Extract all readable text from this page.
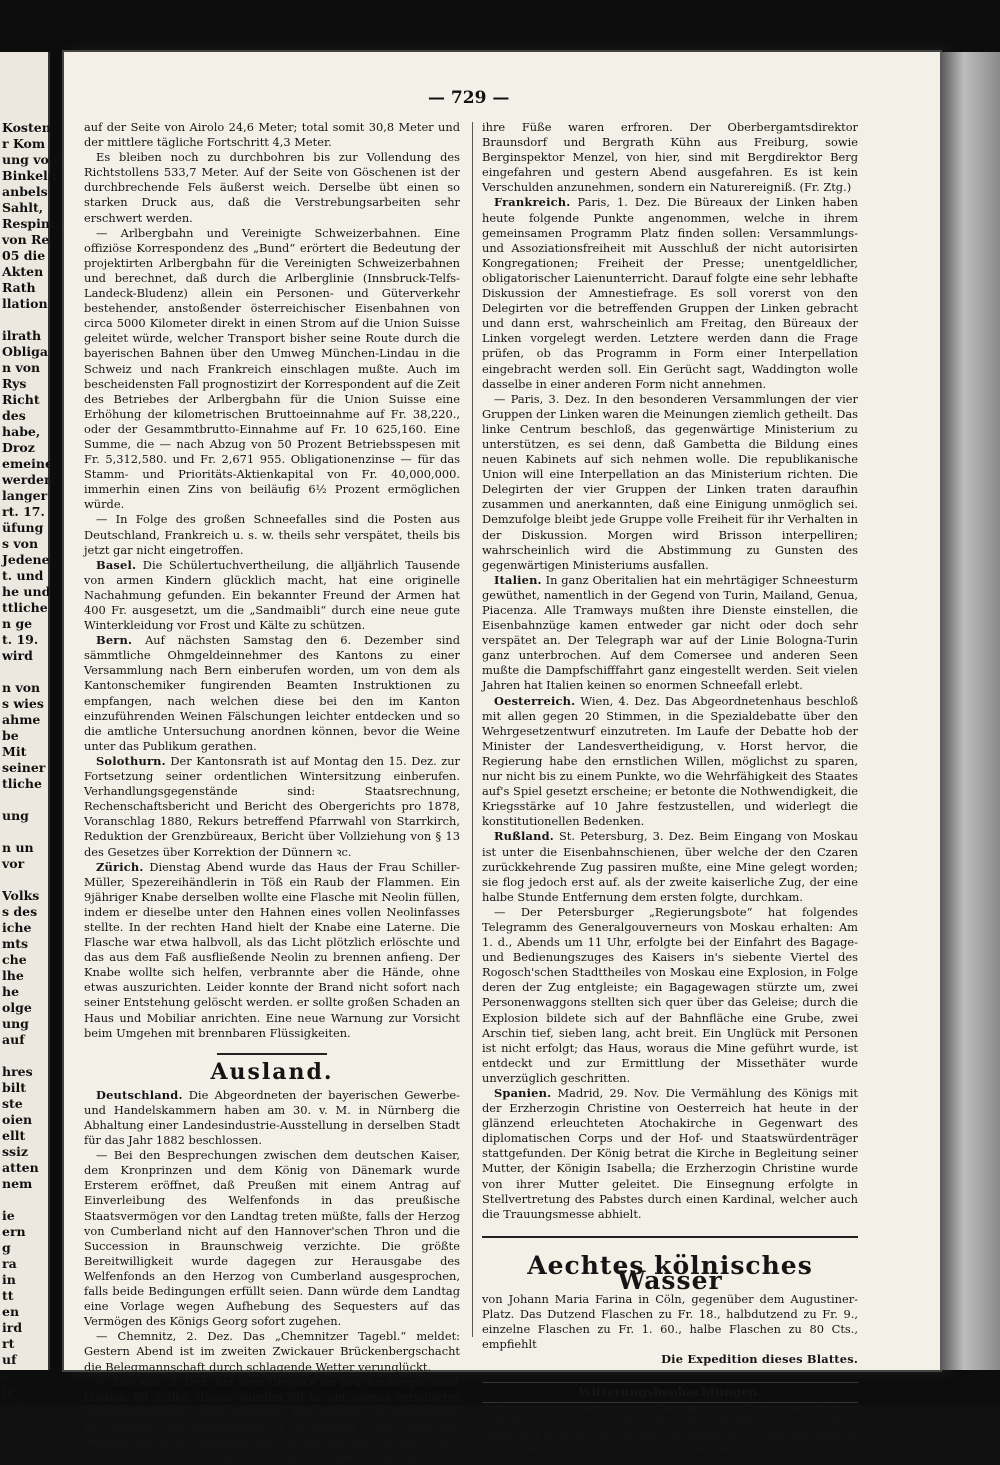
Kosten
r Kom
ung von
Binkeln
anbels
Sahlt,
Respini.
von Re
05 die
Akten
Rath
llation

ilrath
Obliga
n von
Rys
Richt
des
habe,
Droz
emeine
werden
langer
rt. 17.
üfung
s von
Jedene
t. und
he und
ttliche
n ge
t. 19.
wird

n von
s wies
ahme
be
Mit
seiner
tliche

ung

n un
vor

Volks
s des
iche
mts
che
lhe
he
olge
ung
auf

hres
bilt
ste
oien
ellt
ssiz
atten
nem

ie
ern
g
ra
in
tt
en
ird
rt
uf
e
ir
eilt
— 729 —

auf der Seite von Airolo 24,6 Meter; total somit 30,8 Meter und der mittlere tägliche Fortschritt 4,3 Meter.

Es bleiben noch zu durchbohren bis zur Vollendung des Richtstollens 533,7 Meter. Auf der Seite von Göschenen ist der durchbrechende Fels äußerst weich. Derselbe übt einen so starken Druck aus, daß die Verstrebungsarbeiten sehr erschwert werden.

— Arlbergbahn und Vereinigte Schweizerbahnen. Eine offiziöse Korrespondenz des „Bund“ erörtert die Bedeutung der projektirten Arlbergbahn für die Vereinigten Schweizerbahnen und berechnet, daß durch die Arlberglinie (Innsbruck-Telfs-Landeck-Bludenz) allein ein Personen- und Güterverkehr bestehender, anstoßender österreichischer Eisenbahnen von circa 5000 Kilometer direkt in einen Strom auf die Union Suisse geleitet würde, welcher Transport bisher seine Route durch die bayerischen Bahnen über den Umweg München-Lindau in die Schweiz und nach Frankreich einschlagen mußte. Auch im bescheidensten Fall prognostizirt der Korrespondent auf die Zeit des Betriebes der Arlbergbahn für die Union Suisse eine Erhöhung der kilometrischen Bruttoeinnahme auf Fr. 38,220., oder der Gesammtbrutto-Einnahme auf Fr. 10 625,160. Eine Summe, die — nach Abzug von 50 Prozent Betriebsspesen mit Fr. 5,312,580. und Fr. 2,671 955. Obligationenzinse — für das Stamm- und Prioritäts-Aktienkapital von Fr. 40,000,000. immerhin einen Zins von beiläufig 6½ Prozent ermöglichen würde.

— In Folge des großen Schneefalles sind die Posten aus Deutschland, Frankreich u. s. w. theils sehr verspätet, theils bis jetzt gar nicht eingetroffen.

Basel. Die Schülertuchvertheilung, die alljährlich Tausende von armen Kindern glücklich macht, hat eine originelle Nachahmung gefunden. Ein bekannter Freund der Armen hat 400 Fr. ausgesetzt, um die „Sandmaibli“ durch eine neue gute Winterkleidung vor Frost und Kälte zu schützen.

Bern. Auf nächsten Samstag den 6. Dezember sind sämmtliche Ohmgeldeinnehmer des Kantons zu einer Versammlung nach Bern einberufen worden, um von dem als Kantonschemiker fungirenden Beamten Instruktionen zu empfangen, nach welchen diese bei den im Kanton einzuführenden Weinen Fälschungen leichter entdecken und so die amtliche Untersuchung anordnen können, bevor die Weine unter das Publikum gerathen.

Solothurn. Der Kantonsrath ist auf Montag den 15. Dez. zur Fortsetzung seiner ordentlichen Wintersitzung einberufen. Verhandlungsgegenstände sind: Staatsrechnung, Rechenschaftsbericht und Bericht des Obergerichts pro 1878, Voranschlag 1880, Rekurs betreffend Pfarrwahl von Starrkirch, Reduktion der Grenzbüreaux, Bericht über Vollziehung von § 13 des Gesetzes über Korrektion der Dünnern ꝛc.

Zürich. Dienstag Abend wurde das Haus der Frau Schiller-Müller, Spezereihändlerin in Töß ein Raub der Flammen. Ein 9jähriger Knabe derselben wollte eine Flasche mit Neolin füllen, indem er dieselbe unter den Hahnen eines vollen Neolinfasses stellte. In der rechten Hand hielt der Knabe eine Laterne. Die Flasche war etwa halbvoll, als das Licht plötzlich erlöschte und das aus dem Faß ausfließende Neolin zu brennen anfieng. Der Knabe wollte sich helfen, verbrannte aber die Hände, ohne etwas auszurichten. Leider konnte der Brand nicht sofort nach seiner Entstehung gelöscht werden. er sollte großen Schaden an Haus und Mobiliar anrichten. Eine neue Warnung zur Vorsicht beim Umgehen mit brennbaren Flüssigkeiten.

Ausland.

Deutschland. Die Abgeordneten der bayerischen Gewerbe- und Handelskammern haben am 30. v. M. in Nürnberg die Abhaltung einer Landesindustrie-Ausstellung in derselben Stadt für das Jahr 1882 beschlossen.

— Bei den Besprechungen zwischen dem deutschen Kaiser, dem Kronprinzen und dem König von Dänemark wurde Ersterem eröffnet, daß Preußen mit einem Antrag auf Einverleibung des Welfenfonds in das preußische Staatsvermögen vor den Landtag treten müßte, falls der Herzog von Cumberland nicht auf den Hannover'schen Thron und die Succession in Braunschweig verzichte. Die größte Bereitwilligkeit wurde dagegen zur Herausgabe des Welfenfonds an den Herzog von Cumberland ausgesprochen, falls beide Bedingungen erfüllt seien. Dann würde dem Landtag eine Vorlage wegen Aufhebung des Sequesters auf das Vermögen des Königs Georg sofort zugehen.

— Chemnitz, 2. Dez. Das „Chemnitzer Tagebl.“ meldet: Gestern Abend ist im zweiten Zwickauer Brückenbergschacht die Belegmannschaft durch schlagende Wetter verunglückt.

— Zwickau, 3. Dez. Bei dem Unglück im Brückenbergschacht blieben 90 Todte, davon wurden 86 in ein eigens errichtetes Schuppengebäude aufgenommen. Der Anblick ist grauenhaft. Die Ursache der Entzündung ist unermittelt. Viele Fliehende wurden durch das nachziehende Wetter getödtet, mehrere sich Niederwerfende dadurch, daß das Wetter über sie hinzog;

ihre Füße waren erfroren. Der Oberbergamtsdirektor Braunsdorf und Bergrath Kühn aus Freiburg, sowie Berginspektor Menzel, von hier, sind mit Bergdirektor Berg eingefahren und gestern Abend ausgefahren. Es ist kein Verschulden anzunehmen, sondern ein Naturereigniß. (Fr. Ztg.)

Frankreich. Paris, 1. Dez. Die Büreaux der Linken haben heute folgende Punkte angenommen, welche in ihrem gemeinsamen Programm Platz finden sollen: Versammlungs- und Assoziationsfreiheit mit Ausschluß der nicht autorisirten Kongregationen; Freiheit der Presse; unentgeldlicher, obligatorischer Laienunterricht. Darauf folgte eine sehr lebhafte Diskussion der Amnestiefrage. Es soll vorerst von den Delegirten vor die betreffenden Gruppen der Linken gebracht und dann erst, wahrscheinlich am Freitag, den Büreaux der Linken vorgelegt werden. Letztere werden dann die Frage prüfen, ob das Programm in Form einer Interpellation eingebracht werden soll. Ein Gerücht sagt, Waddington wolle dasselbe in einer anderen Form nicht annehmen.

— Paris, 3. Dez. In den besonderen Versammlungen der vier Gruppen der Linken waren die Meinungen ziemlich getheilt. Das linke Centrum beschloß, das gegenwärtige Ministerium zu unterstützen, es sei denn, daß Gambetta die Bildung eines neuen Kabinets auf sich nehmen wolle. Die republikanische Union will eine Interpellation an das Ministerium richten. Die Delegirten der vier Gruppen der Linken traten daraufhin zusammen und anerkannten, daß eine Einigung unmöglich sei. Demzufolge bleibt jede Gruppe volle Freiheit für ihr Verhalten in der Diskussion. Morgen wird Brisson interpelliren; wahrscheinlich wird die Abstimmung zu Gunsten des gegenwärtigen Ministeriums ausfallen.

Italien. In ganz Oberitalien hat ein mehrtägiger Schneesturm gewüthet, namentlich in der Gegend von Turin, Mailand, Genua, Piacenza. Alle Tramways mußten ihre Dienste einstellen, die Eisenbahnzüge kamen entweder gar nicht oder doch sehr verspätet an. Der Telegraph war auf der Linie Bologna-Turin ganz unterbrochen. Auf dem Comersee und anderen Seen mußte die Dampfschifffahrt ganz eingestellt werden. Seit vielen Jahren hat Italien keinen so enormen Schneefall erlebt.

Oesterreich. Wien, 4. Dez. Das Abgeordnetenhaus beschloß mit allen gegen 20 Stimmen, in die Spezialdebatte über den Wehrgesetzentwurf einzutreten. Im Laufe der Debatte hob der Minister der Landesvertheidigung, v. Horst hervor, die Regierung habe den ernstlichen Willen, möglichst zu sparen, nur nicht bis zu einem Punkte, wo die Wehrfähigkeit des Staates auf's Spiel gesetzt erscheine; er betonte die Nothwendigkeit, die Kriegsstärke auf 10 Jahre festzustellen, und widerlegt die konstitutionellen Bedenken.

Rußland. St. Petersburg, 3. Dez. Beim Eingang von Moskau ist unter die Eisenbahnschienen, über welche der den Czaren zurückkehrende Zug passiren mußte, eine Mine gelegt worden; sie flog jedoch erst auf. als der zweite kaiserliche Zug, der eine halbe Stunde Entfernung dem ersten folgte, durchkam.

— Der Petersburger „Regierungsbote“ hat folgendes Telegramm des Generalgouverneurs von Moskau erhalten: Am 1. d., Abends um 11 Uhr, erfolgte bei der Einfahrt des Bagage- und Bedienungszuges des Kaisers in's siebente Viertel des Rogosch'schen Stadttheiles von Moskau eine Explosion, in Folge deren der Zug entgleiste; ein Bagagewagen stürzte um, zwei Personenwaggons stellten sich quer über das Geleise; durch die Explosion bildete sich auf der Bahnfläche eine Grube, zwei Arschin tief, sieben lang, acht breit. Ein Unglück mit Personen ist nicht erfolgt; das Haus, woraus die Mine geführt wurde, ist entdeckt und zur Ermittlung der Missethäter wurde unverzüglich geschritten.

Spanien. Madrid, 29. Nov. Die Vermählung des Königs mit der Erzherzogin Christine von Oesterreich hat heute in der glänzend erleuchteten Atochakirche in Gegenwart des diplomatischen Corps und der Hof- und Staatswürdenträger stattgefunden. Der König betrat die Kirche in Begleitung seiner Mutter, der Königin Isabella; die Erzherzogin Christine wurde von ihrer Mutter geleitet. Die Einsegnung erfolgte in Stellvertretung des Pabstes durch einen Kardinal, welcher auch die Trauungsmesse abhielt.

Aechtes kölnisches Wasser

von Johann Maria Farina in Cöln, gegenüber dem Augustiner-Platz. Das Dutzend Flaschen zu Fr. 18., halbdutzend zu Fr. 9., einzelne Flaschen zu Fr. 1. 60., halbe Flaschen zu 80 Cts., empfiehlt

Die Expedition dieses Blattes.

Witterungsbeobachtungen.

Pariser Observatorium vom 4. Dezember. Das Centrum des Sturmes befindet sich im Südosten und zieht sich gegen Osten hin. Eine andere Depression zeigt sich in Portugal. Aussichten auf Ost- bis Nordwind. In den Ost-Ardennen und im Süden des Saonethales Schneefall.
